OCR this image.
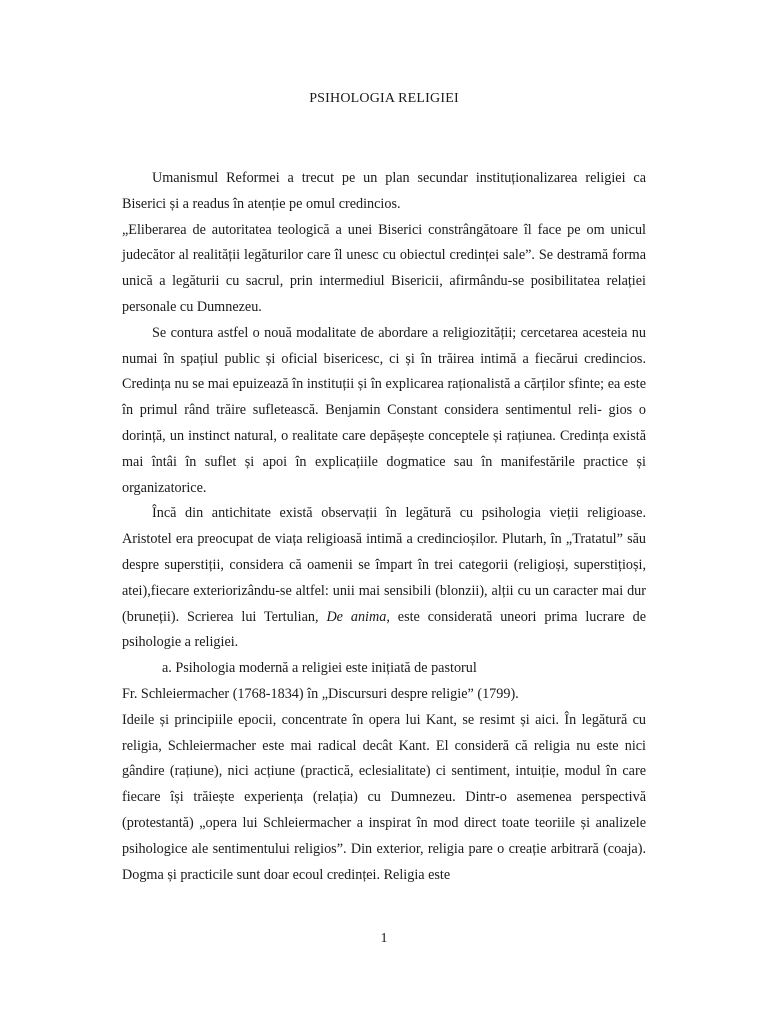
PSIHOLOGIA RELIGIEI

Umanismul Reformei a trecut pe un plan secundar instituționalizarea religiei ca Biserici și a readus în atenție pe omul credincios.

„Eliberarea de autoritatea teologică a unei Biserici constrângătoare îl face pe om unicul judecător al realității legăturilor care îl unesc cu obiectul credinței sale”. Se destramă forma unică a legăturii cu sacrul, prin intermediul Bisericii, afirmându-se posibilitatea relației personale cu Dumnezeu.

Se contura astfel o nouă modalitate de abordare a religiozității; cercetarea acesteia nu numai în spațiul public și oficial bisericesc, ci și în trăirea intimă a fiecărui credincios. Credința nu se mai epuizează în instituții și în explicarea raționalistă a cărților sfinte; ea este în primul rând trăire sufletească. Benjamin Constant considera sentimentul reli- gios o dorință, un instinct natural, o realitate care depășește conceptele și rațiunea. Credința există mai întâi în suflet și apoi în explicațiile dogmatice sau în manifestările practice și organizatorice.

Încă din antichitate există observații în legătură cu psihologia vieții religioase. Aristotel era preocupat de viața religioasă intimă a credincioșilor. Plutarh, în „Tratatul” său despre superstiții, considera că oamenii se împart în trei categorii (religioși, superstițioși, atei),fiecare exteriorizându-se altfel: unii mai sensibili (blonzii), alții cu un caracter mai dur (bruneții). Scrierea lui Tertulian, De anima, este considerată uneori prima lucrare de psihologie a religiei.

a. Psihologia modernă a religiei este inițiată de pastorul

Fr. Schleiermacher (1768-1834) în „Discursuri despre religie” (1799).

Ideile și principiile epocii, concentrate în opera lui Kant, se resimt și aici. În legătură cu religia, Schleiermacher este mai radical decât Kant. El consideră că religia nu este nici gândire (rațiune), nici acțiune (practică, eclesialitate) ci sentiment, intuiție, modul în care fiecare își trăiește experiența (relația) cu Dumnezeu. Dintr-o asemenea perspectivă (protestantă) „opera lui Schleiermacher a inspirat în mod direct toate teoriile și analizele psihologice ale sentimentului religios”. Din exterior, religia pare o creație arbitrară (coaja). Dogma și practicile sunt doar ecoul credinței. Religia este

1
